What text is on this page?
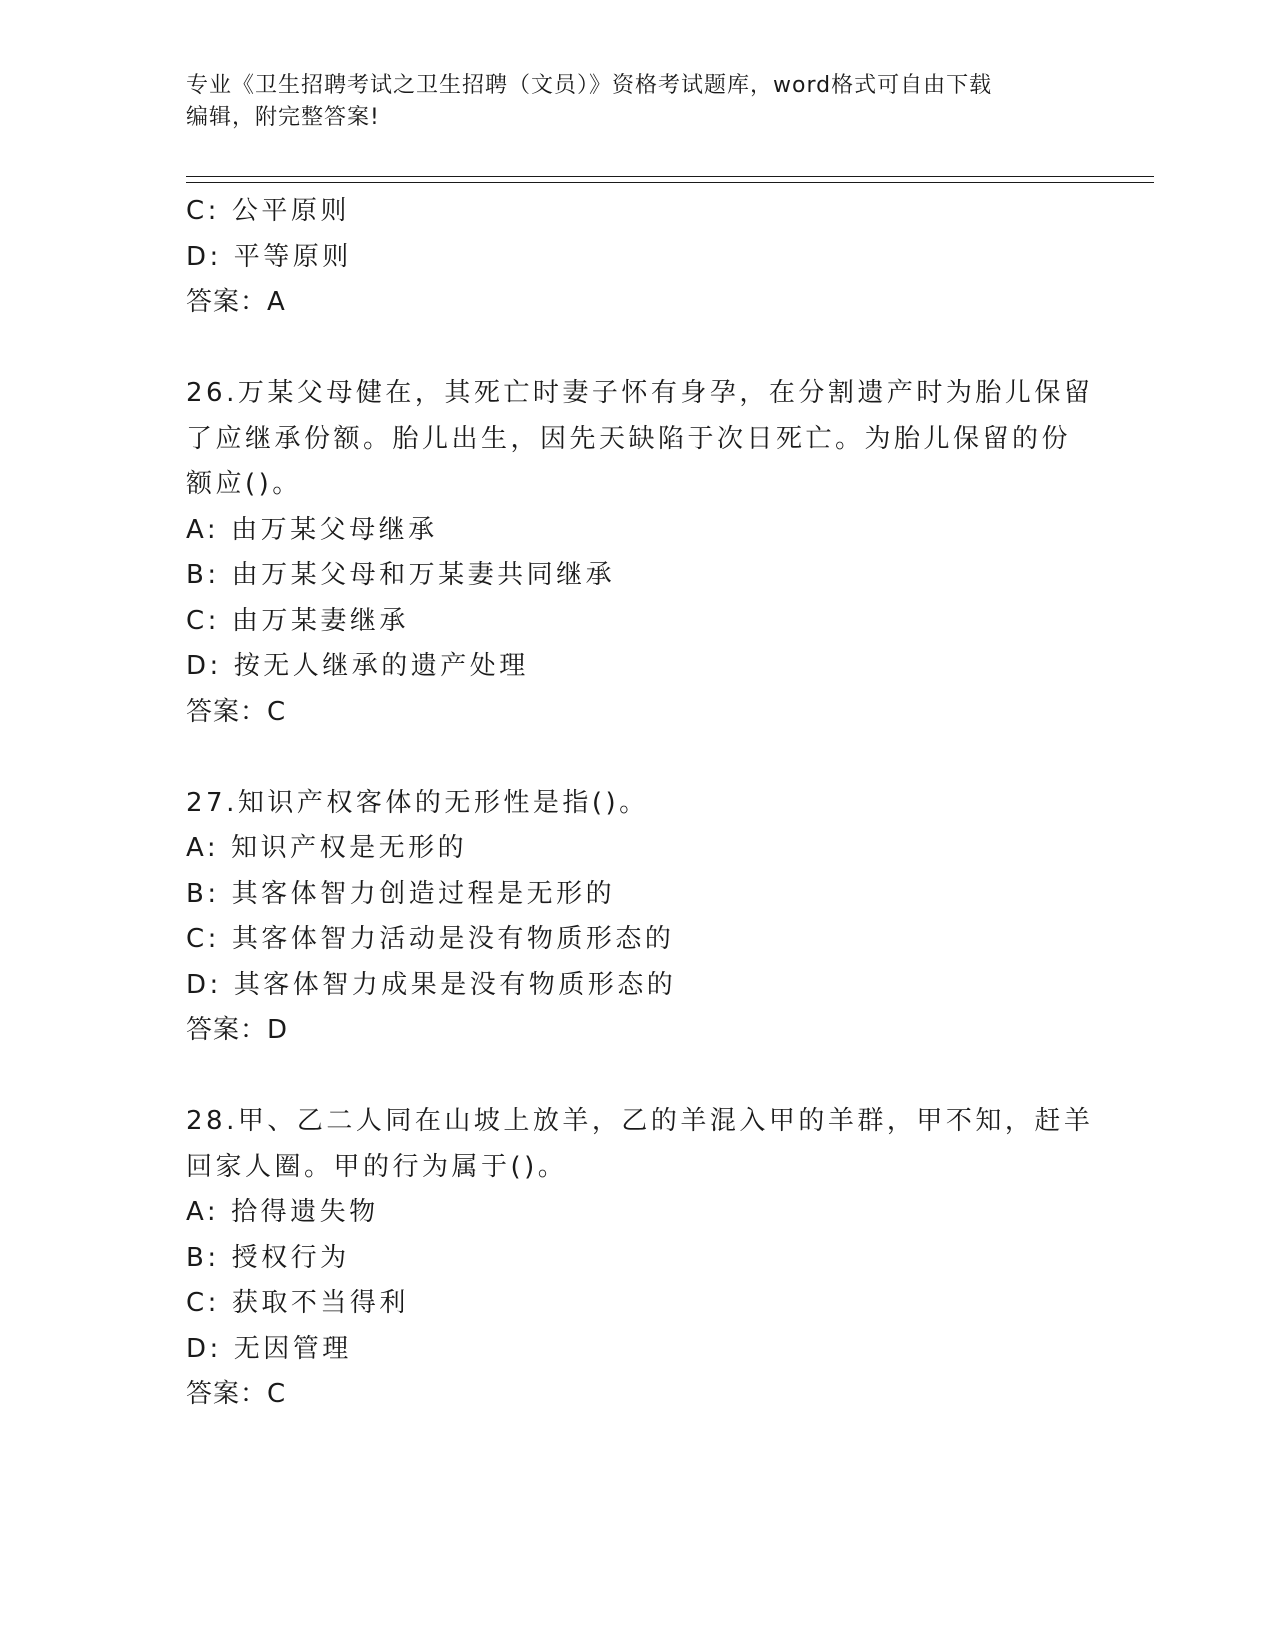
专业《卫生招聘考试之卫生招聘（文员）》资格考试题库，word格式可自由下载
编辑，附完整答案!
C: 公平原则
D: 平等原则
答案：A
26.万某父母健在，其死亡时妻子怀有身孕，在分割遗产时为胎儿保留
了应继承份额。胎儿出生，因先天缺陷于次日死亡。为胎儿保留的份
额应()。
A: 由万某父母继承
B: 由万某父母和万某妻共同继承
C: 由万某妻继承
D: 按无人继承的遗产处理
答案：C
27.知识产权客体的无形性是指()。
A: 知识产权是无形的
B: 其客体智力创造过程是无形的
C: 其客体智力活动是没有物质形态的
D: 其客体智力成果是没有物质形态的
答案：D
28.甲、乙二人同在山坡上放羊，乙的羊混入甲的羊群，甲不知，赶羊
回家人圈。甲的行为属于()。
A: 拾得遗失物
B: 授权行为
C: 获取不当得利
D: 无因管理
答案：C
